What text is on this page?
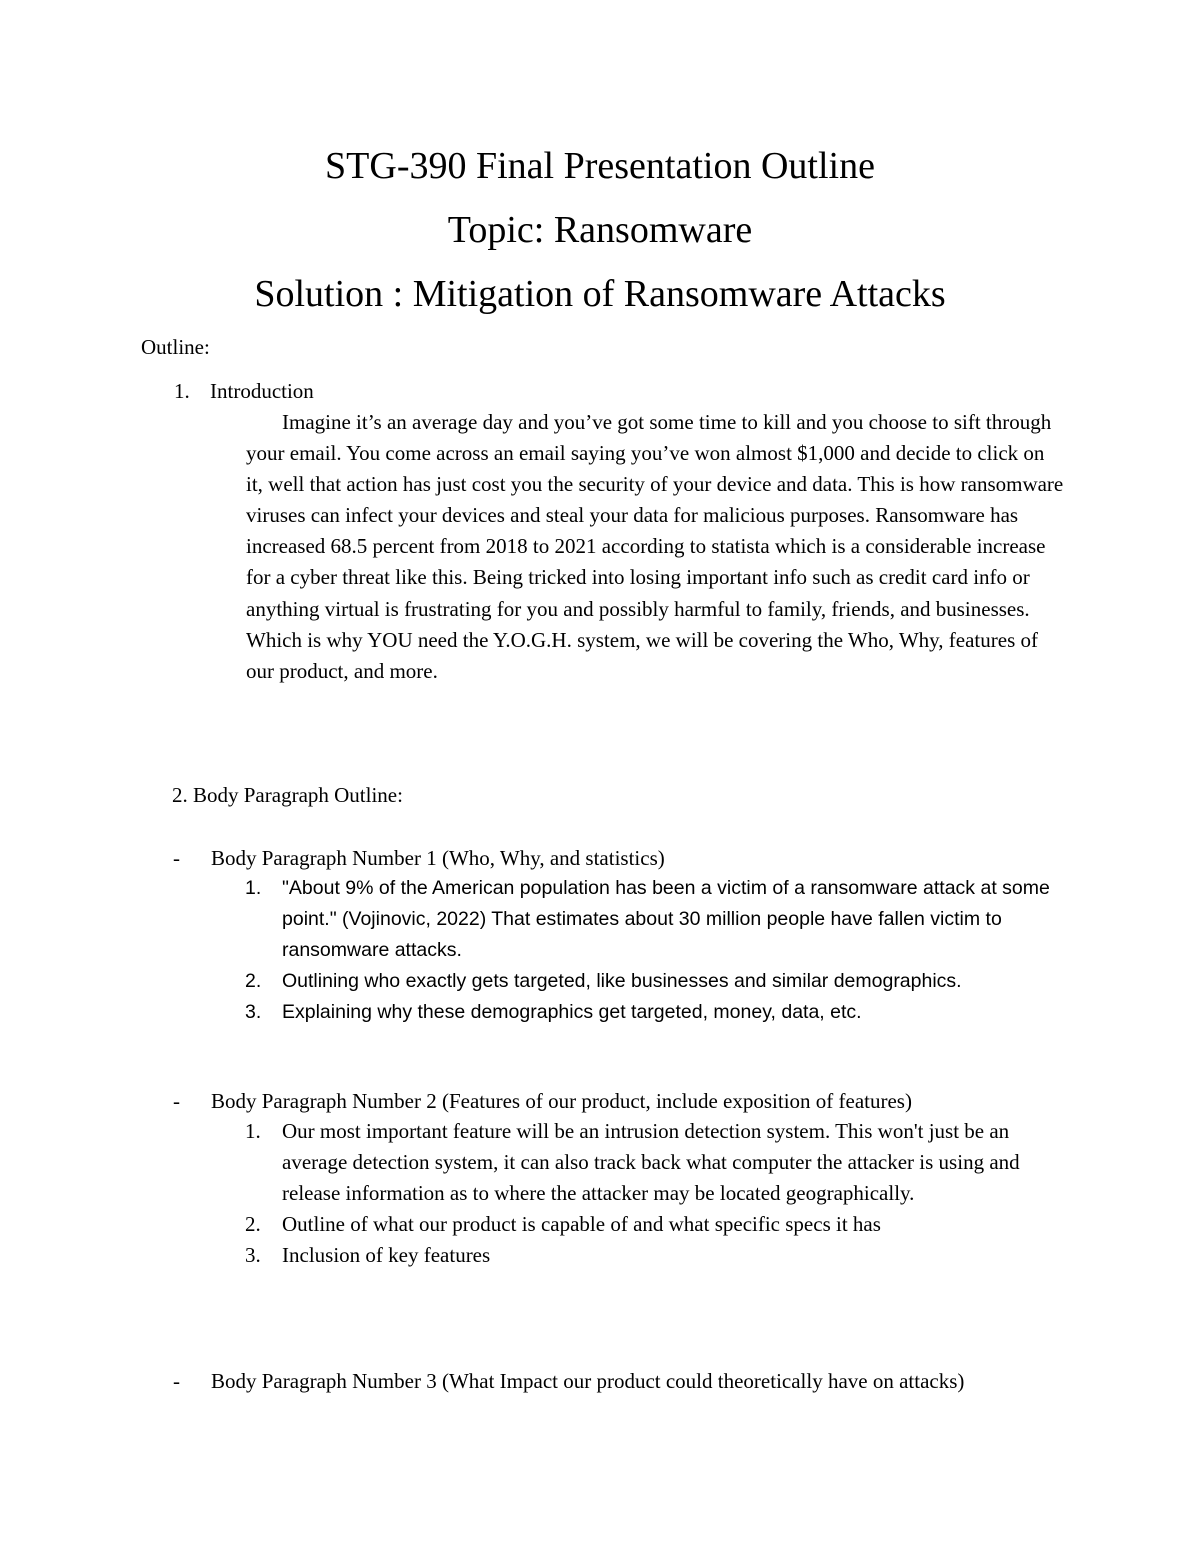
STG-390 Final Presentation Outline
Topic: Ransomware
Solution : Mitigation of Ransomware Attacks
Outline:
1. Introduction
Imagine it’s an average day and you’ve got some time to kill and you choose to sift through your email. You come across an email saying you’ve won almost $1,000 and decide to click on it, well that action has just cost you the security of your device and data. This is how ransomware viruses can infect your devices and steal your data for malicious purposes. Ransomware has increased 68.5 percent from 2018 to 2021 according to statista which is a considerable increase for a cyber threat like this. Being tricked into losing important info such as credit card info or anything virtual is frustrating for you and possibly harmful to family, friends, and businesses. Which is why YOU need the Y.O.G.H. system, we will be covering the Who, Why, features of our product, and more.
2. Body Paragraph Outline:
- Body Paragraph Number 1 (Who, Why, and statistics)
1. "About 9% of the American population has been a victim of a ransomware attack at some point." (Vojinovic, 2022) That estimates about 30 million people have fallen victim to ransomware attacks.
2. Outlining who exactly gets targeted, like businesses and similar demographics.
3. Explaining why these demographics get targeted, money, data, etc.
- Body Paragraph Number 2 (Features of our product, include exposition of features)
1. Our most important feature will be an intrusion detection system. This won't just be an average detection system, it can also track back what computer the attacker is using and release information as to where the attacker may be located geographically.
2. Outline of what our product is capable of and what specific specs it has
3. Inclusion of key features
- Body Paragraph Number 3 (What Impact our product could theoretically have on attacks)
